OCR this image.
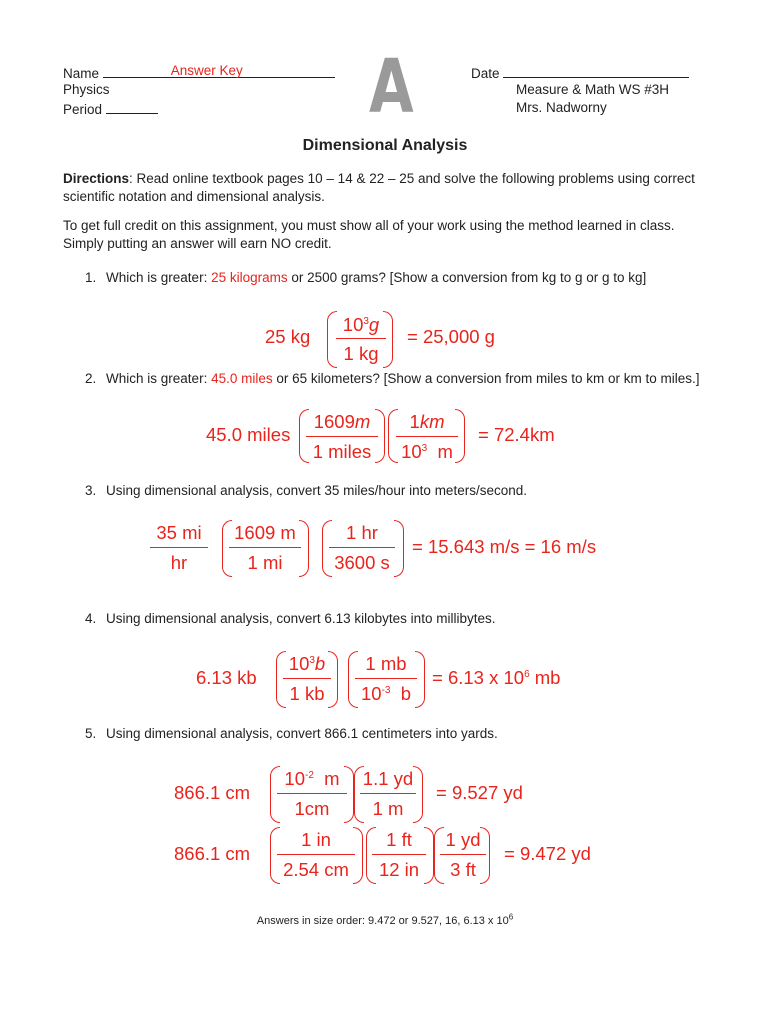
Name	Answer Key
Physics
Period	A	Date
Measure & Math WS #3H
Mrs. Nadworny
Dimensional Analysis
Directions: Read online textbook pages 10 – 14 & 22 – 25 and solve the following problems using correct scientific notation and dimensional analysis.
To get full credit on this assignment, you must show all of your work using the method learned in class. Simply putting an answer will earn NO credit.
1. Which is greater: 25 kilograms or 2500 grams? [Show a conversion from kg to g or g to kg]
25 kg
$10^3g$
1 kg
= 25,000 g
2. Which is greater: 45.0 miles or 65 kilometers? [Show a conversion from miles to km or km to miles.]
45.0 miles
1609m
1 miles
1km
$10^3$ m
= 72.4km
3. Using dimensional analysis, convert 35 miles/hour into meters/second.
35 mi
hr
1609 m
1 mi
1 hr
3600 s
= 15.643 m/s = 16 m/s
4. Using dimensional analysis, convert 6.13 kilobytes into millibytes.
6.13 kb
$10^3b$
1 kb
1 mb
$10^{-3}$ b
= 6.13 x $10^6$ mb
5. Using dimensional analysis, convert 866.1 centimeters into yards.
866.1 cm
$10^{-2}$ m
1cm
1.1 yd
1 m
= 9.527 yd
866.1 cm
1 in
2.54 cm
1 ft
12 in
1 yd
3 ft
= 9.472 yd
Answers in size order: 9.472 or 9.527, 16, 6.13 x $10^6$
